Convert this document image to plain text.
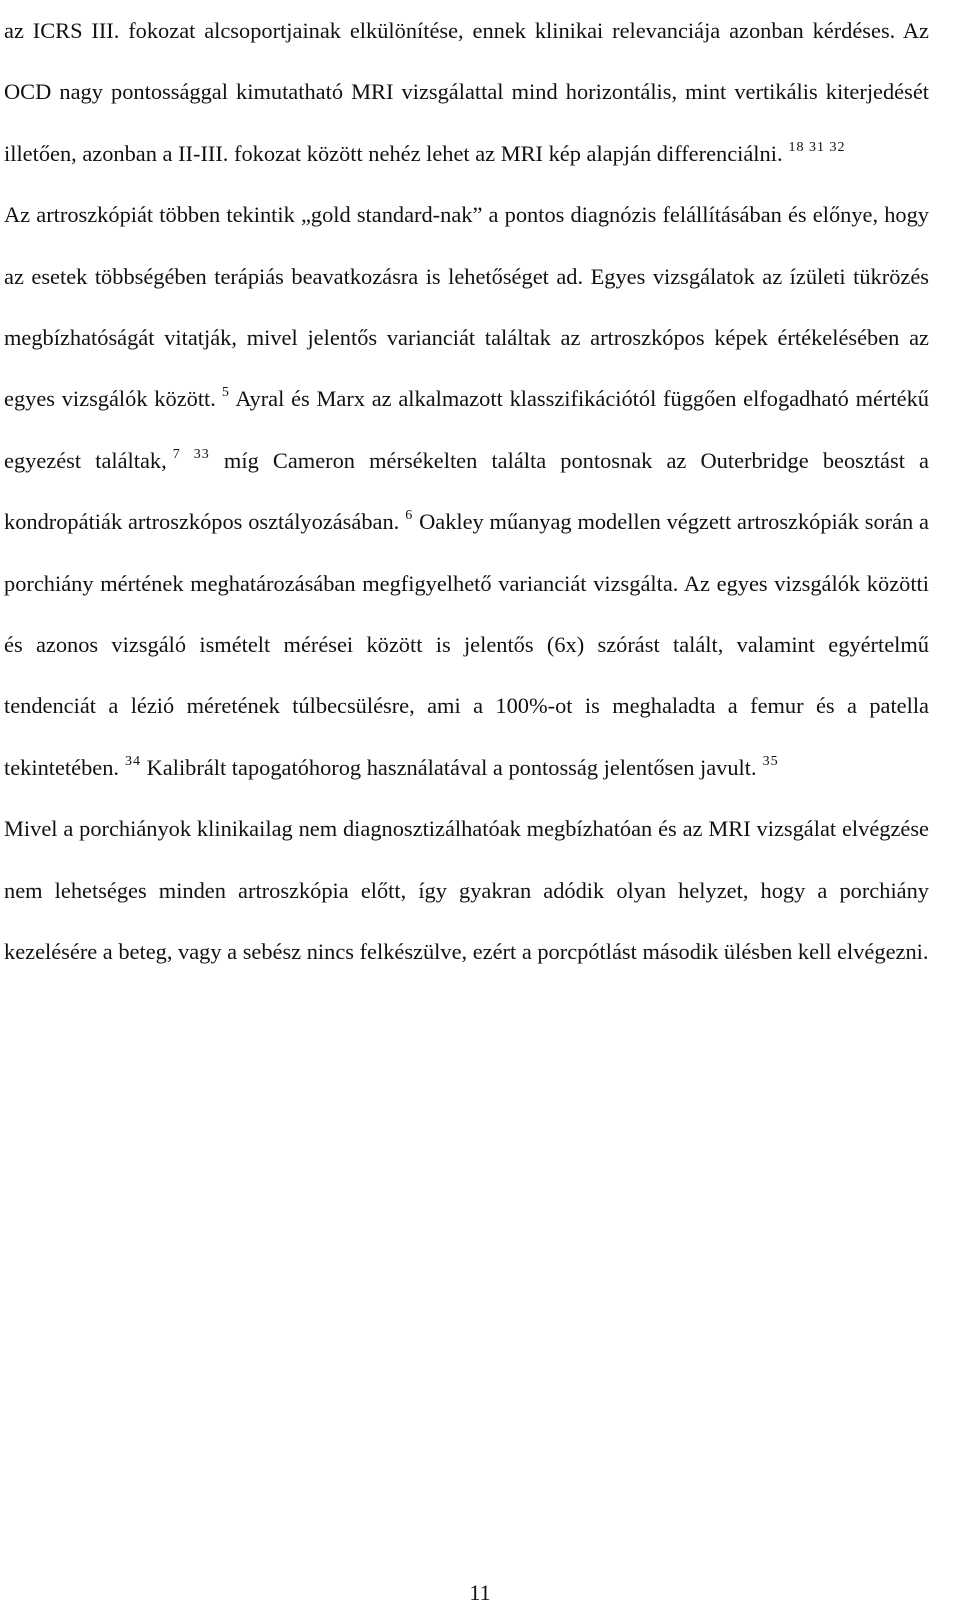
az ICRS III. fokozat alcsoportjainak elkülönítése, ennek klinikai relevanciája azonban kérdéses. Az OCD nagy pontossággal kimutatható MRI vizsgálattal mind horizontális, mint vertikális kiterjedését illetően, azonban a II-III. fokozat között nehéz lehet az MRI kép alapján differenciálni. $^{18 31 32}$

Az artroszkópiát többen tekintik „gold standard-nak” a pontos diagnózis felállításában és előnye, hogy az esetek többségében terápiás beavatkozásra is lehetőséget ad. Egyes vizsgálatok az ízületi tükrözés megbízhatóságát vitatják, mivel jelentős varianciát találtak az artroszkópos képek értékelésében az egyes vizsgálók között. $^5$ Ayral és Marx az alkalmazott klasszifikációtól függően elfogadható mértékű egyezést találtak, $^{7 33}$ míg Cameron mérsékelten találta pontosnak az Outerbridge beosztást a kondropátiák artroszkópos osztályozásában. $^6$ Oakley műanyag modellen végzett artroszkópiák során a porchiány mértének meghatározásában megfigyelhető varianciát vizsgálta. Az egyes vizsgálók közötti és azonos vizsgáló ismételt mérései között is jelentős (6x) szórást talált, valamint egyértelmű tendenciát a lézió méretének túlbecsülésre, ami a 100%-ot is meghaladta a femur és a patella tekintetében. $^{34}$ Kalibrált tapogatóhorog használatával a pontosság jelentősen javult. $^{35}$

Mivel a porchiányok klinikailag nem diagnosztizálhatóak megbízhatóan és az MRI vizsgálat elvégzése nem lehetséges minden artroszkópia előtt, így gyakran adódik olyan helyzet, hogy a porchiány kezelésére a beteg, vagy a sebész nincs felkészülve, ezért a porcpótlást második ülésben kell elvégezni.

11
